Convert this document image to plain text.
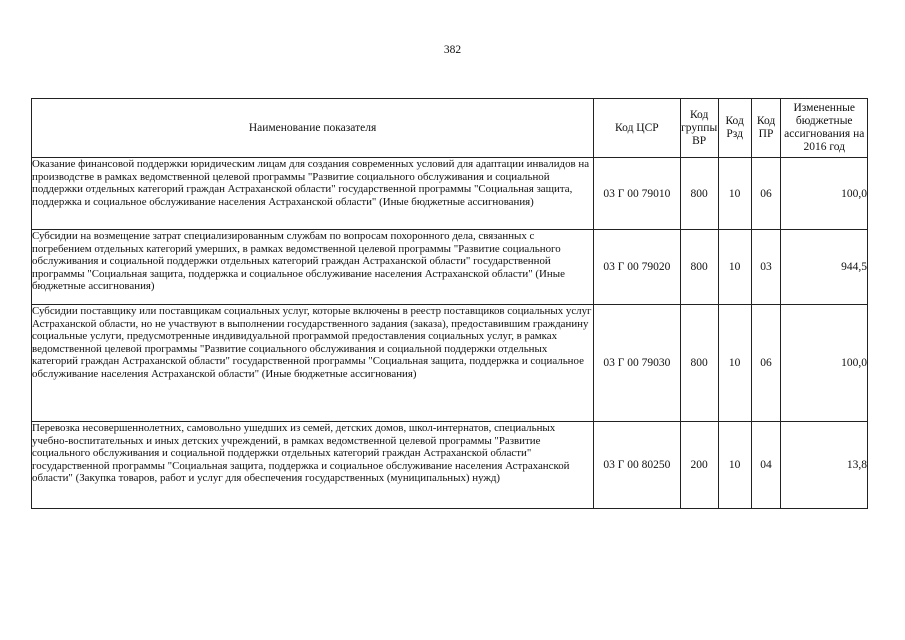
382
Наименование показателя	Код ЦСР	Код группы ВР	Код Рзд	Код ПР	Измененные бюджетные ассигнования на 2016 год
Оказание финансовой поддержки юридическим лицам для создания современных условий для адаптации инвалидов на производстве в рамках ведомственной целевой программы "Развитие социального обслуживания и социальной поддержки отдельных категорий граждан Астраханской области" государственной программы "Социальная защита, поддержка и социальное обслуживание населения Астраханской области" (Иные бюджетные ассигнования)	03 Г 00 79010	800	10	06	100,0
Субсидии на возмещение затрат специализированным службам по вопросам похоронного дела, связанных с погребением отдельных категорий умерших, в рамках ведомственной целевой программы "Развитие социального обслуживания и социальной поддержки отдельных категорий граждан Астраханской области" государственной программы "Социальная защита, поддержка и социальное обслуживание населения Астраханской области" (Иные бюджетные ассигнования)	03 Г 00 79020	800	10	03	944,5
Субсидии поставщику или поставщикам социальных услуг, которые включены в реестр поставщиков социальных услуг Астраханской области, но не участвуют в выполнении государственного задания (заказа), предоставившим гражданину социальные услуги, предусмотренные индивидуальной программой предоставления социальных услуг, в рамках ведомственной целевой программы "Развитие социального обслуживания и социальной поддержки отдельных категорий граждан Астраханской области" государственной программы "Социальная защита, поддержка и социальное обслуживание населения Астраханской области" (Иные бюджетные ассигнования)	03 Г 00 79030	800	10	06	100,0
Перевозка несовершеннолетних, самовольно ушедших из семей, детских домов, школ-интернатов, специальных учебно-воспитательных и иных детских учреждений, в рамках ведомственной целевой программы "Развитие социального обслуживания и социальной поддержки отдельных категорий граждан Астраханской области" государственной программы "Социальная защита, поддержка и социальное обслуживание населения Астраханской области" (Закупка товаров, работ и услуг для обеспечения государственных (муниципальных) нужд)	03 Г 00 80250	200	10	04	13,8
